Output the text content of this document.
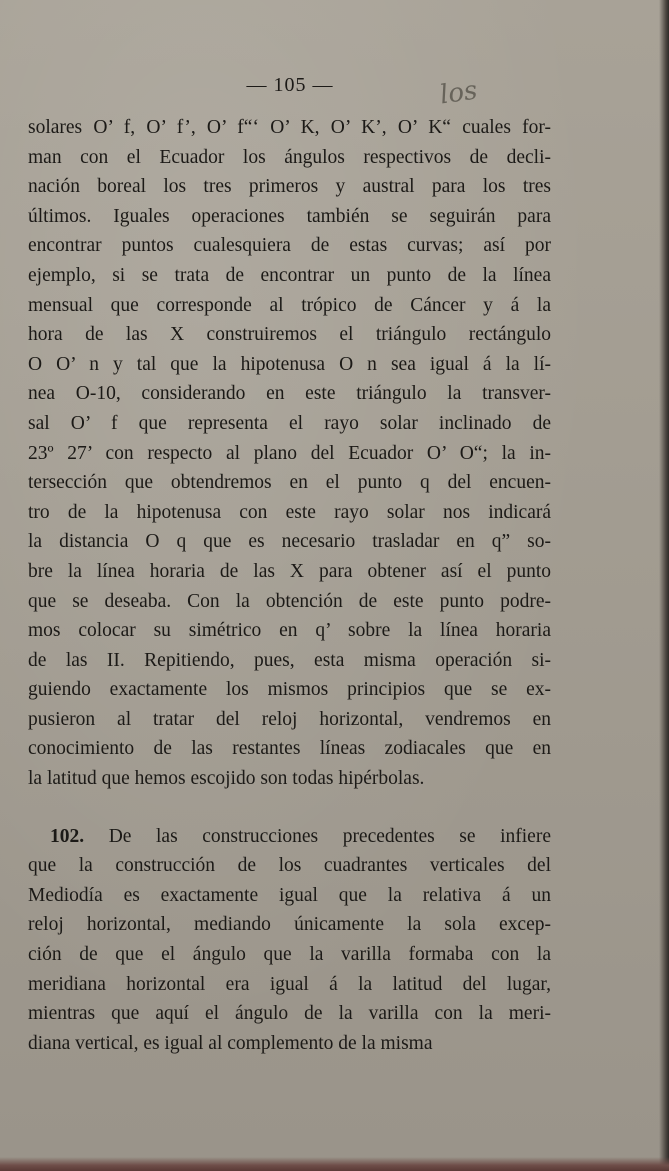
— 105 —	los
solares O’ f, O’ f’, O’ f“‘ O’ K, O’ K’, O’ K“ cuales for-
man con el Ecuador los ángulos respectivos de decli-
nación boreal los tres primeros y austral para los tres
últimos. Iguales operaciones también se seguirán para
encontrar puntos cualesquiera de estas curvas; así por
ejemplo, si se trata de encontrar un punto de la línea
mensual que corresponde al trópico de Cáncer y á la
hora de las X construiremos el triángulo rectángulo
O O’ n y tal que la hipotenusa O n sea igual á la lí-
nea O-10, considerando en este triángulo la transver-
sal O’ f que representa el rayo solar inclinado de
23º 27’ con respecto al plano del Ecuador O’ O“; la in-
tersección que obtendremos en el punto q del encuen-
tro de la hipotenusa con este rayo solar nos indicará
la distancia O q que es necesario trasladar en q” so-
bre la línea horaria de las X para obtener así el punto
que se deseaba. Con la obtención de este punto podre-
mos colocar su simétrico en q’ sobre la línea horaria
de las II. Repitiendo, pues, esta misma operación si-
guiendo exactamente los mismos principios que se ex-
pusieron al tratar del reloj horizontal, vendremos en
conocimiento de las restantes líneas zodiacales que en
la latitud que hemos escojido son todas hipérbolas.
102. De las construcciones precedentes se infiere
que la construcción de los cuadrantes verticales del
Mediodía es exactamente igual que la relativa á un
reloj horizontal, mediando únicamente la sola excep-
ción de que el ángulo que la varilla formaba con la
meridiana horizontal era igual á la latitud del lugar,
mientras que aquí el ángulo de la varilla con la meri-
diana vertical, es igual al complemento de la misma
